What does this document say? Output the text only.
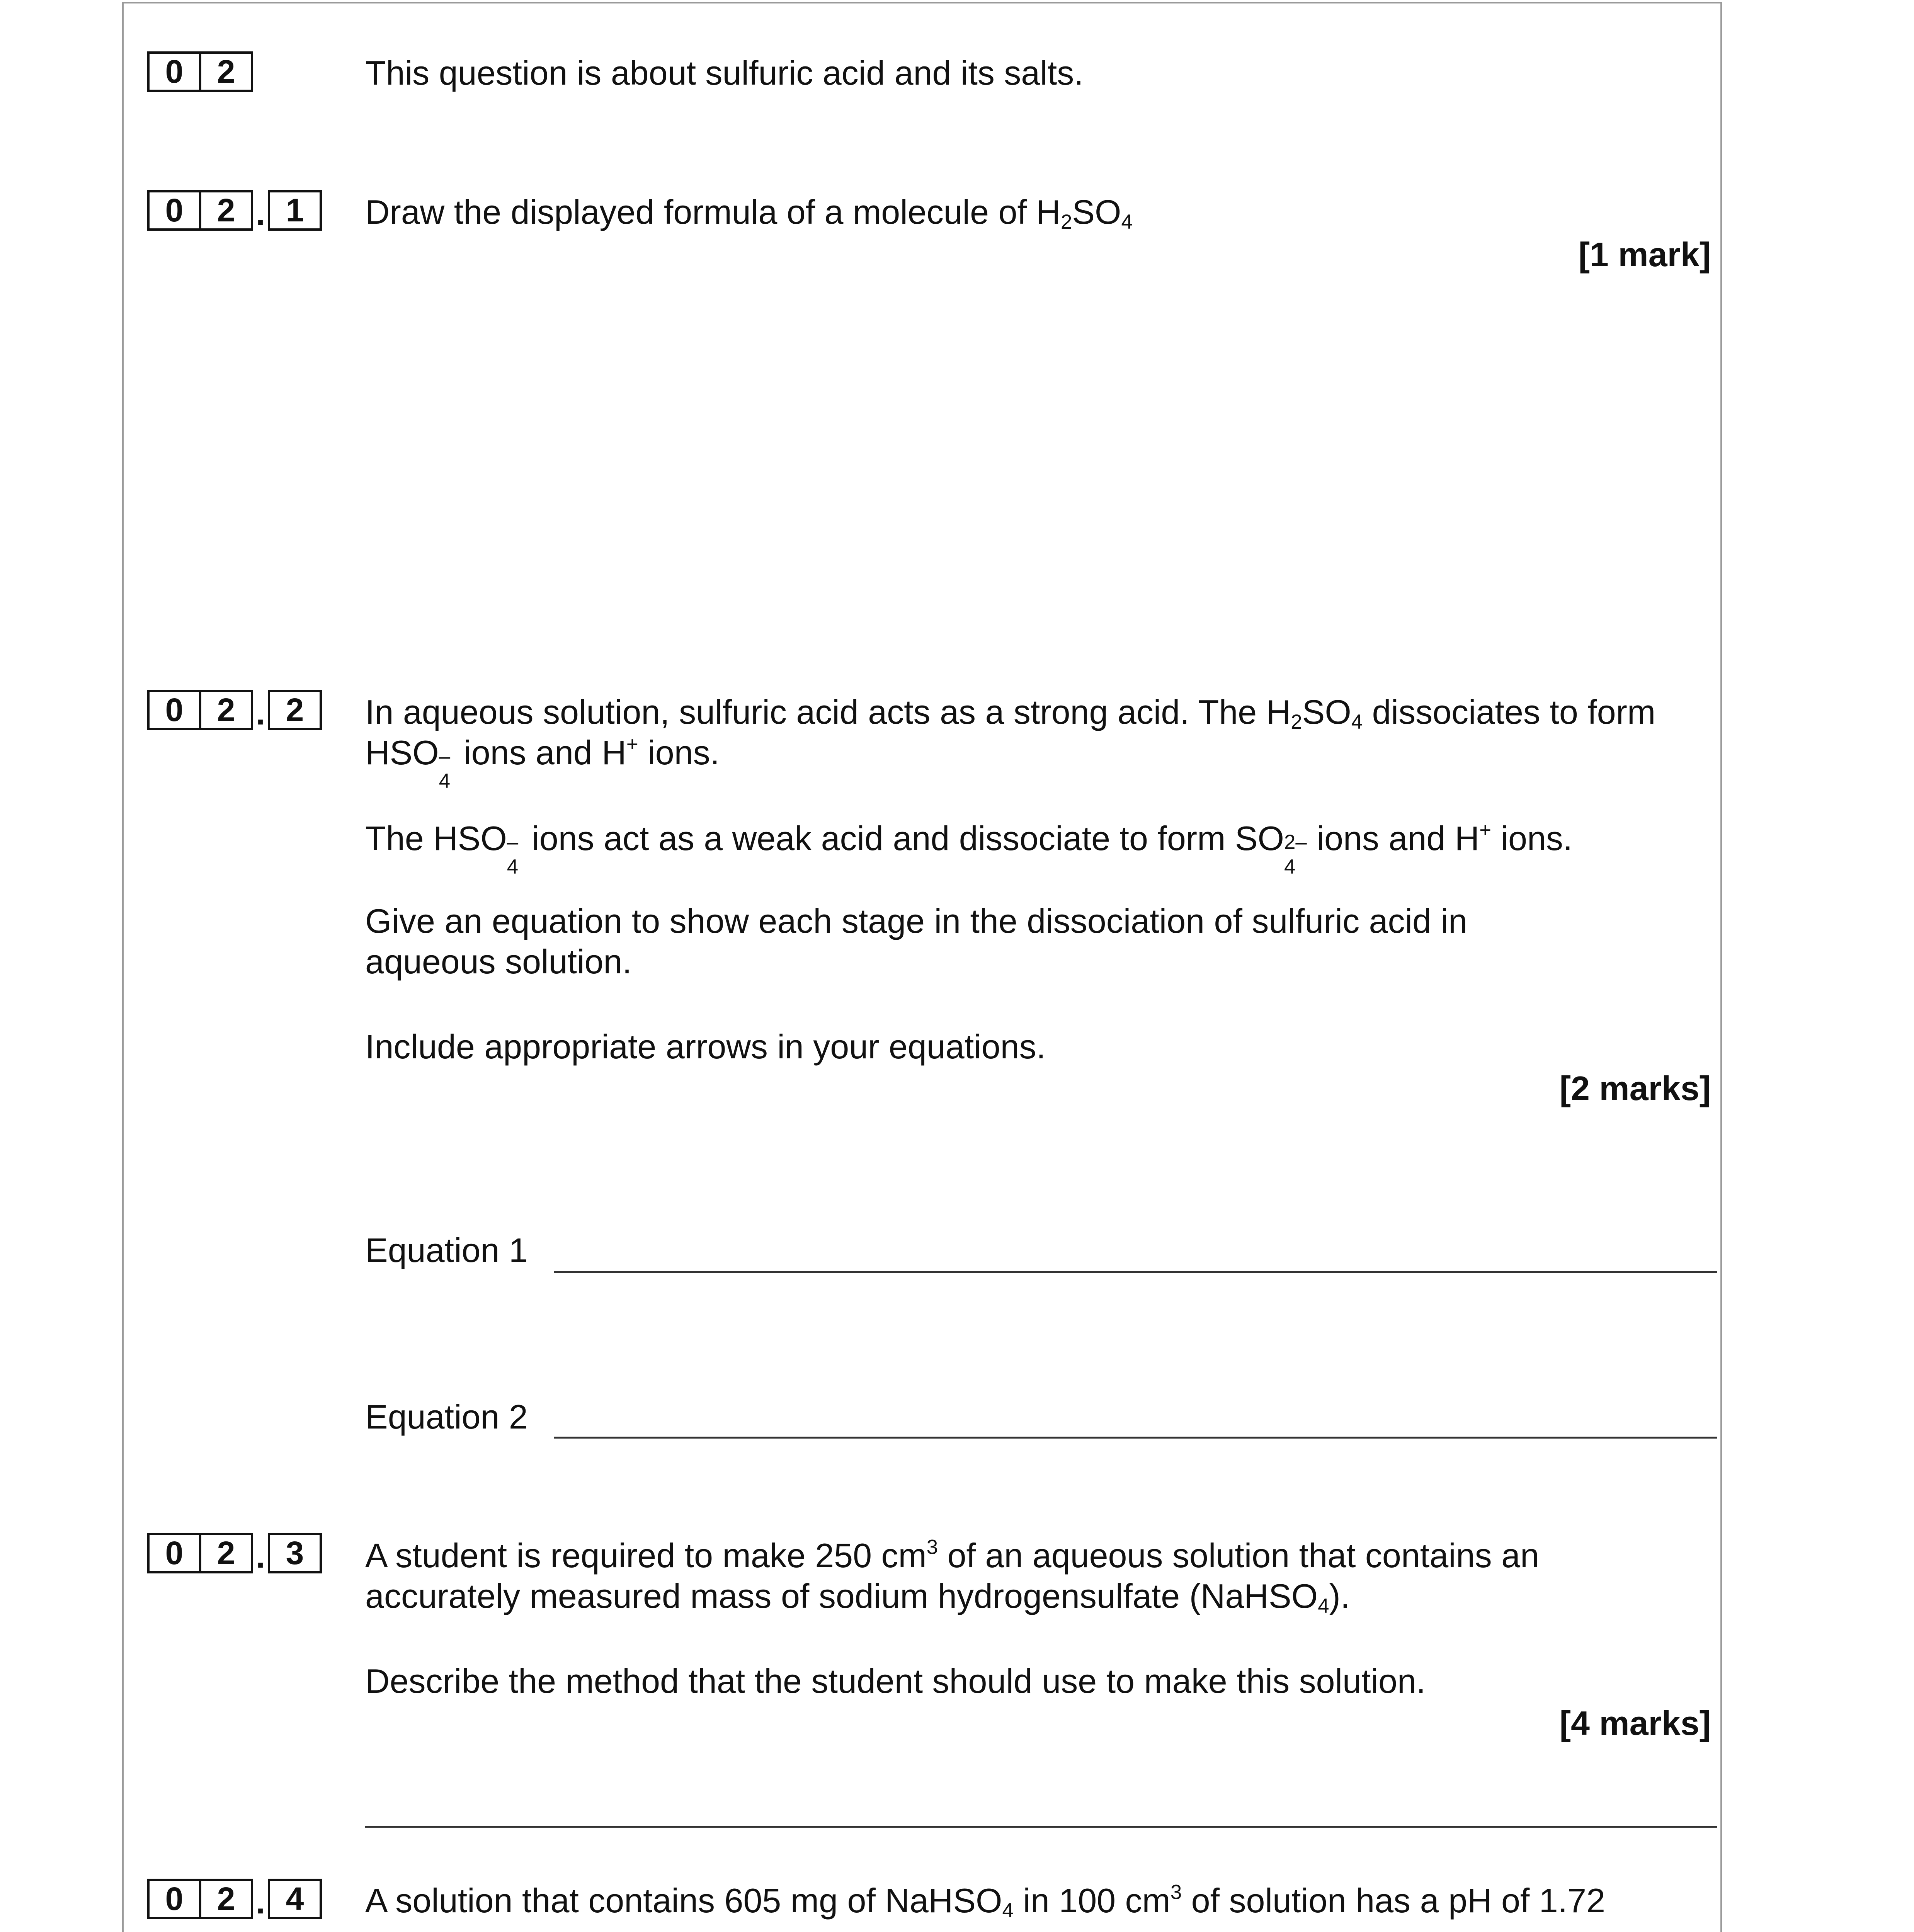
0	2	This question is about sulfuric acid and its salts.
0	2 . 1	Draw the displayed formula of a molecule of $H_2SO_4$
[1 mark]
0	2 . 2	In aqueous solution, sulfuric acid acts as a strong acid. The $H_2SO_4$ dissociates to form
HSO
4
– ions and H+ ions.
The HSO
4
– ions act as a weak acid and dissociate to form SO
4
2– ions and H+ ions.
Give an equation to show each stage in the dissociation of sulfuric acid in
aqueous solution.
Include appropriate arrows in your equations.
[2 marks]
Equation 1
Equation 2
0	2 . 3	A student is required to make 250 $cm^3$ of an aqueous solution that contains an
accurately measured mass of sodium hydrogensulfate (NaHSO$_4$).
Describe the method that the student should use to make this solution.
[4 marks]
0	2 . 4	A solution that contains 605 mg of NaHSO$_4$ in 100 $cm^3$ of solution has a pH of 1.72
